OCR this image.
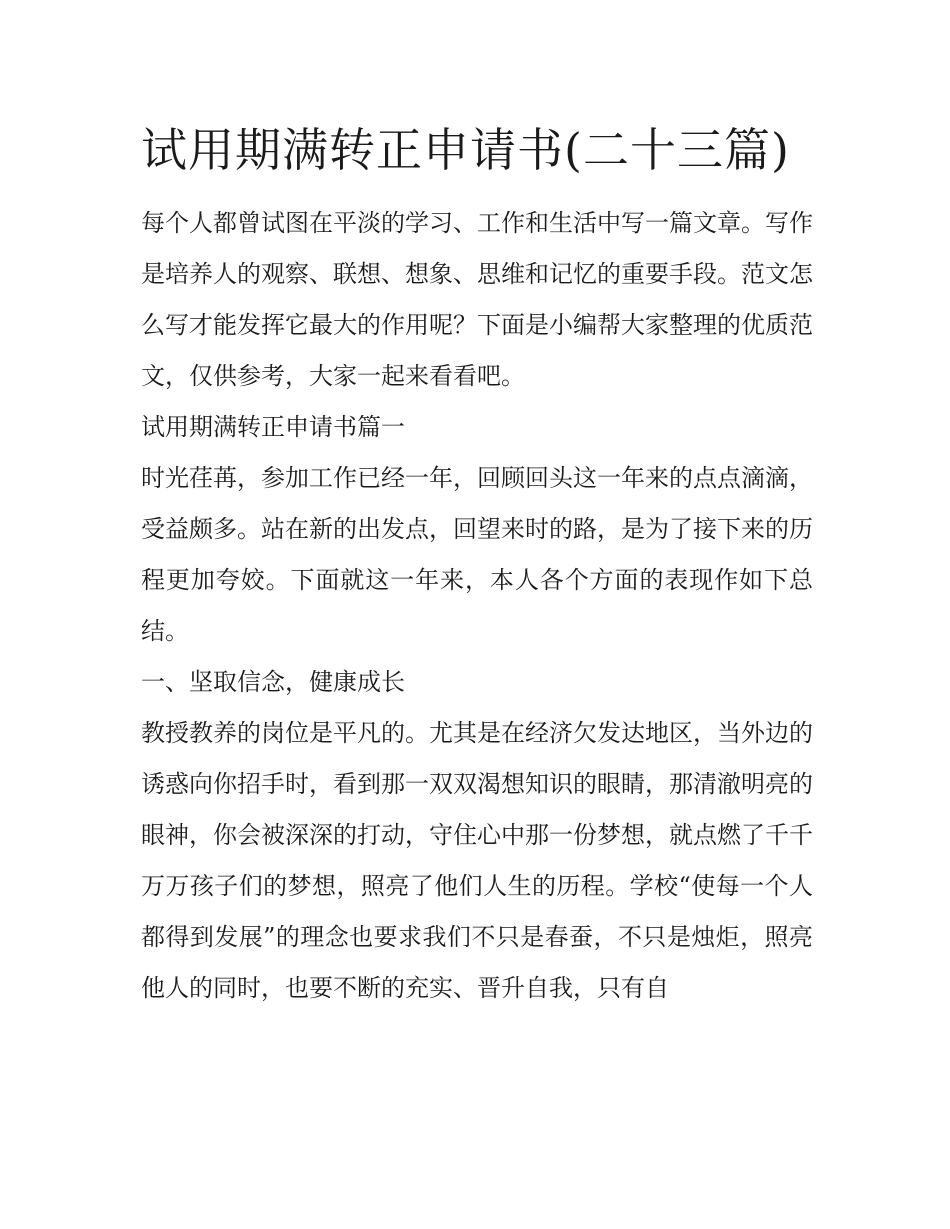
试用期满转正申请书(二十三篇)

每个人都曾试图在平淡的学习、工作和生活中写一篇文章。写作是培养人的观察、联想、想象、思维和记忆的重要手段。范文怎么写才能发挥它最大的作用呢？下面是小编帮大家整理的优质范文，仅供参考，大家一起来看看吧。

试用期满转正申请书篇一

时光荏苒，参加工作已经一年，回顾回头这一年来的点点滴滴，受益颇多。站在新的出发点，回望来时的路，是为了接下来的历程更加夸姣。下面就这一年来，本人各个方面的表现作如下总结。

一、坚取信念，健康成长

教授教养的岗位是平凡的。尤其是在经济欠发达地区，当外边的诱惑向你招手时，看到那一双双渴想知识的眼睛，那清澈明亮的眼神，你会被深深的打动，守住心中那一份梦想，就点燃了千千万万孩子们的梦想，照亮了他们人生的历程。学校“使每一个人都得到发展”的理念也要求我们不只是春蚕，不只是烛炬，照亮他人的同时，也要不断的充实、晋升自我，只有自
